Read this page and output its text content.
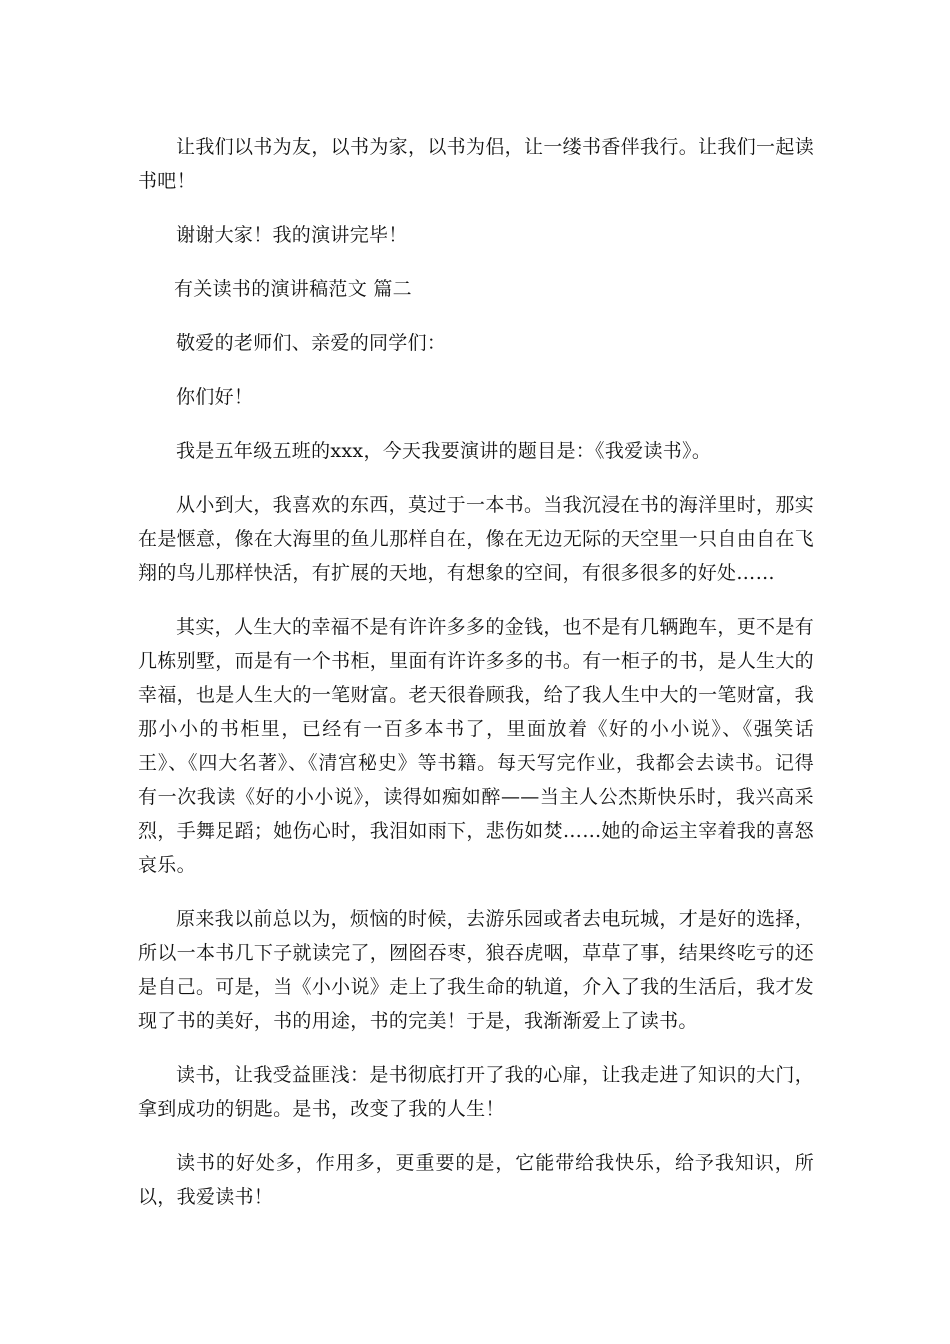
让我们以书为友，以书为家，以书为侣，让一缕书香伴我行。让我们一起读书吧！

谢谢大家！我的演讲完毕！

有关读书的演讲稿范文 篇二

敬爱的老师们、亲爱的同学们：

你们好！

我是五年级五班的xxx，今天我要演讲的题目是：《我爱读书》。

从小到大，我喜欢的东西，莫过于一本书。当我沉浸在书的海洋里时，那实在是惬意，像在大海里的鱼儿那样自在，像在无边无际的天空里一只自由自在飞翔的鸟儿那样快活，有扩展的天地，有想象的空间，有很多很多的好处……

其实，人生大的幸福不是有许许多多的金钱，也不是有几辆跑车，更不是有几栋别墅，而是有一个书柜，里面有许许多多的书。有一柜子的书，是人生大的幸福，也是人生大的一笔财富。老天很眷顾我，给了我人生中大的一笔财富，我那小小的书柜里，已经有一百多本书了，里面放着《好的小小说》、《强笑话王》、《四大名著》、《清宫秘史》等书籍。每天写完作业，我都会去读书。记得有一次我读《好的小小说》，读得如痴如醉——当主人公杰斯快乐时，我兴高采烈，手舞足蹈；她伤心时，我泪如雨下，悲伤如焚……她的命运主宰着我的喜怒哀乐。

原来我以前总以为，烦恼的时候，去游乐园或者去电玩城，才是好的选择，所以一本书几下子就读完了，囫囵吞枣，狼吞虎咽，草草了事，结果终吃亏的还是自己。可是，当《小小说》走上了我生命的轨道，介入了我的生活后，我才发现了书的美好，书的用途，书的完美！于是，我渐渐爱上了读书。

读书，让我受益匪浅：是书彻底打开了我的心扉，让我走进了知识的大门，拿到成功的钥匙。是书，改变了我的人生！

读书的好处多，作用多，更重要的是，它能带给我快乐，给予我知识，所以，我爱读书！
